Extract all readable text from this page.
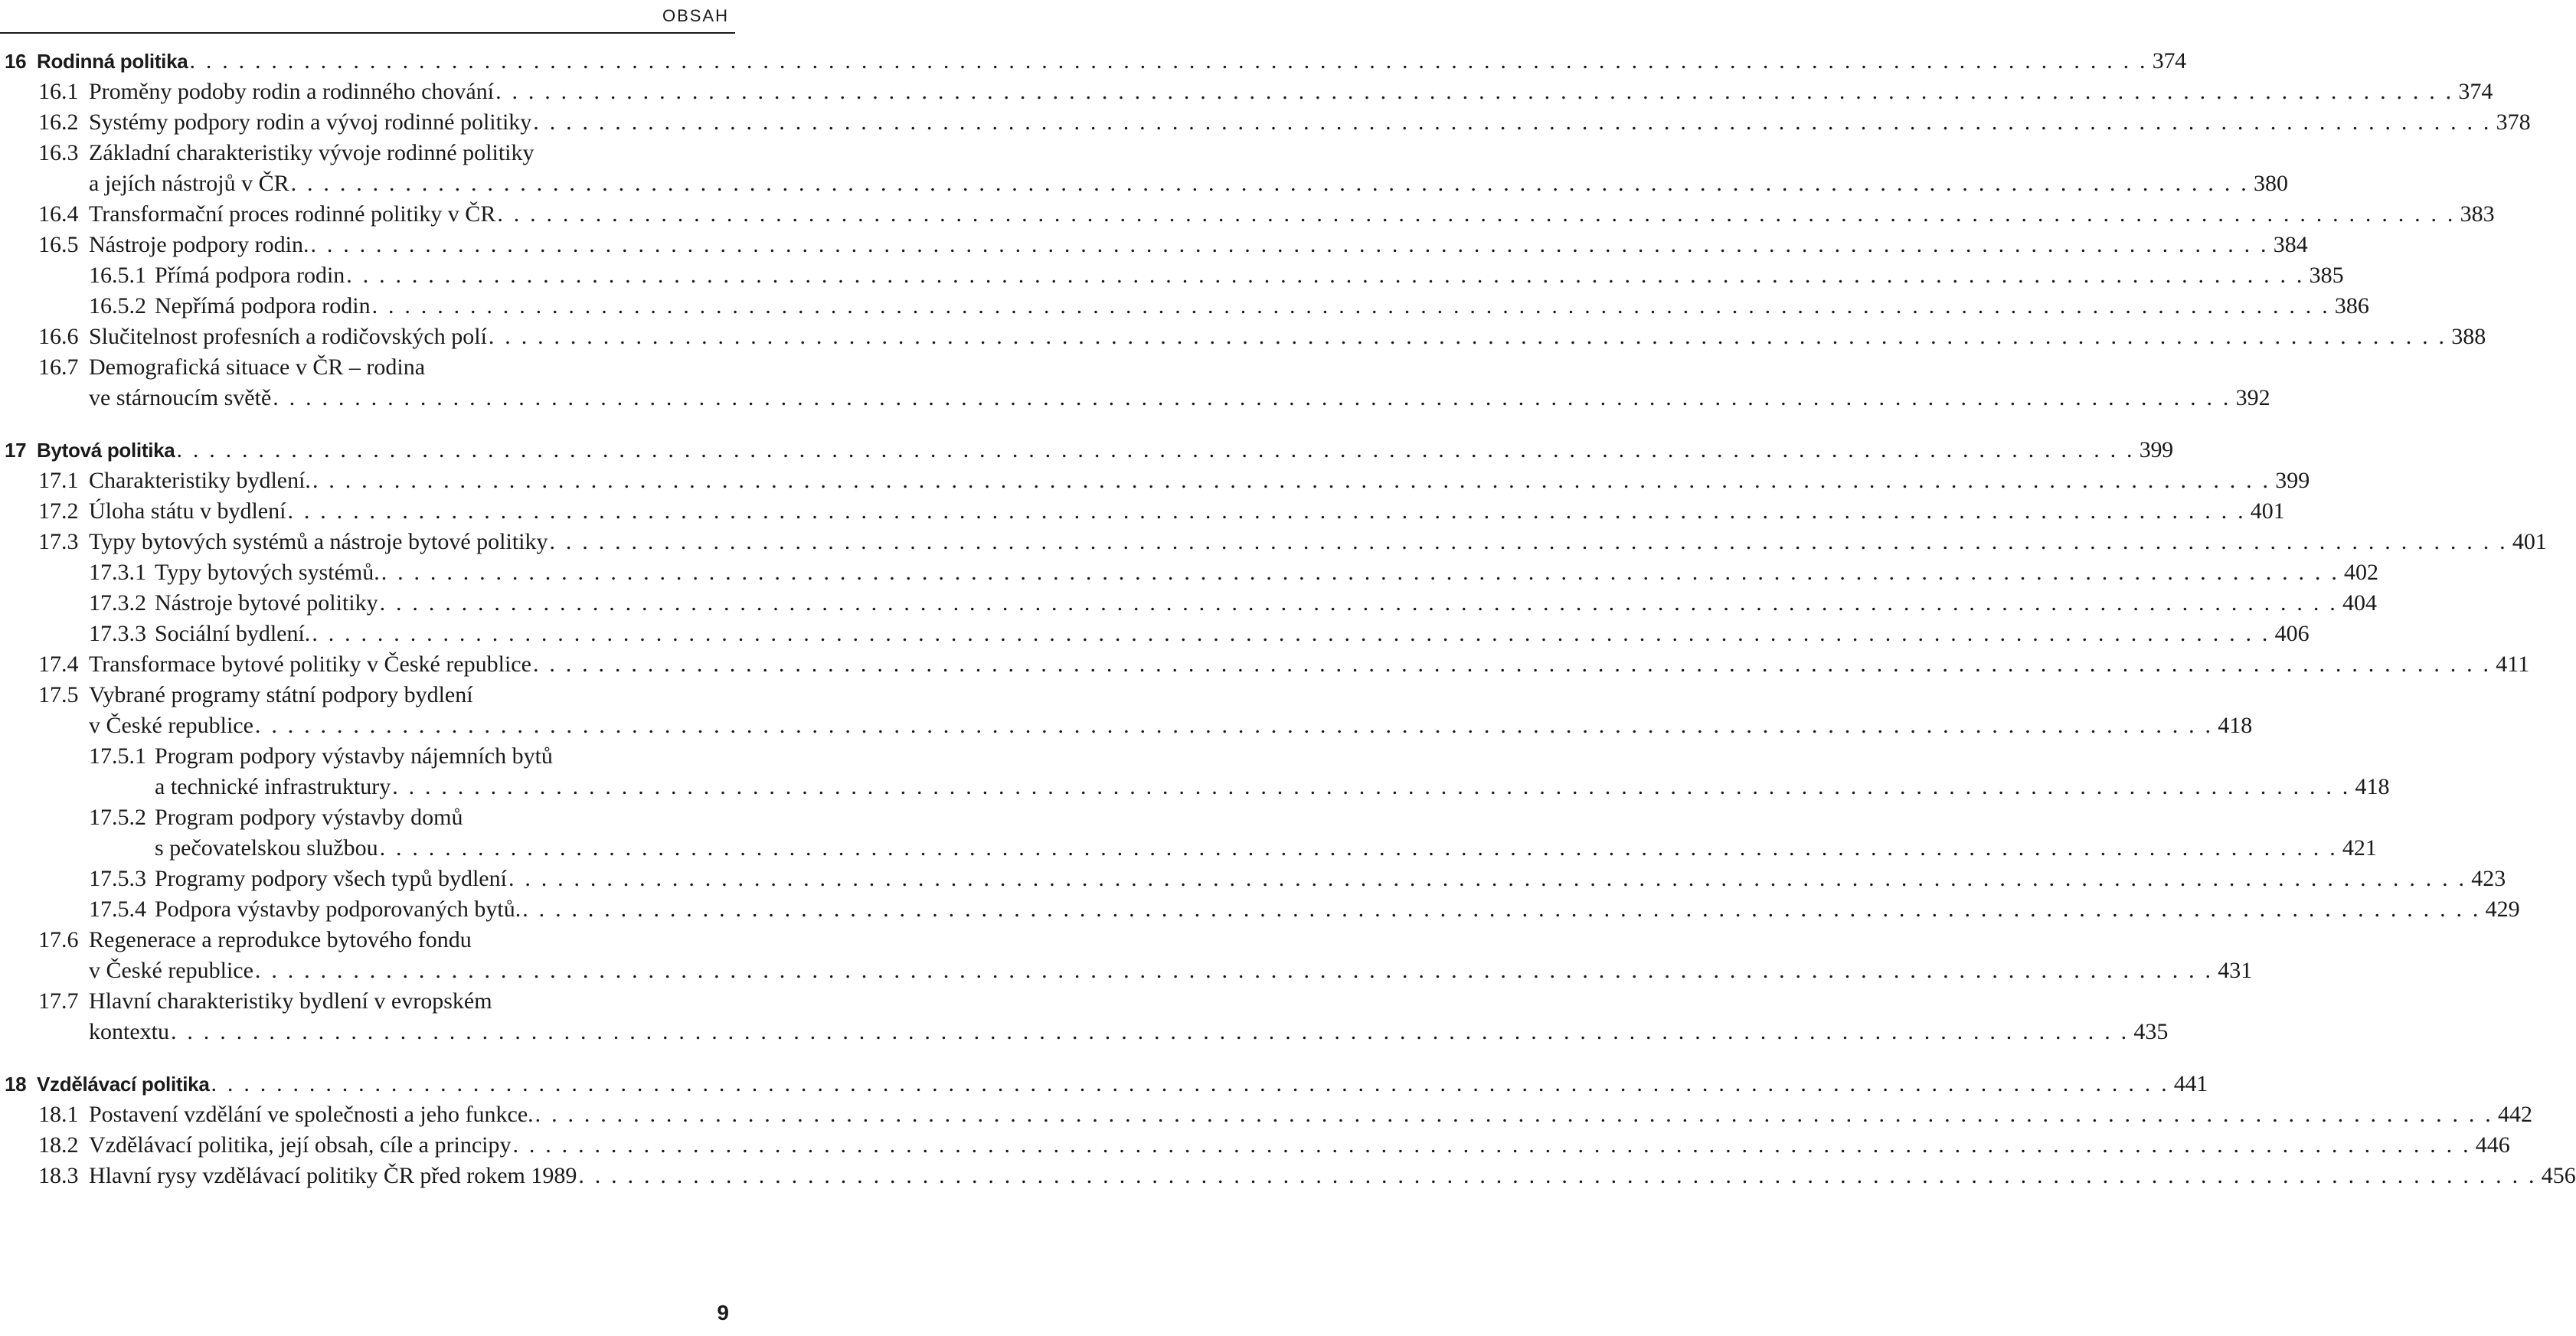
OBSAH
16 Rodinná politika . . . . . . . . . . . . . . . . . . . . . . . . . . . . . . . . . . . . . . . . . . . . . . . . . . . . . . . . . . . . . . . . . . . . . . . . . . . . . . . . . . . . . . . . . . . . . . . . . . . . . . . . . . . . . . . . . . . . . . . . 374
16.1 Proměny podoby rodin a rodinného chování . . . . . . . . . . . . . . . . . . . . . . . . . . . . . . . . . . . . . . . . . . . . . . . . . . . . . . . . . . . . . . . . . . . . . . . . . . . . . . . . . . . . . . . . . . . . . . . . . . . . . . . . . . . . . . . . . . . . . . . . 374
16.2 Systémy podpory rodin a vývoj rodinné politiky . . . . . . . . . . . . . . . . . . . . . . . . . . . . . . . . . . . . . . . . . . . . . . . . . . . . . . . . . . . . . . . . . . . . . . . . . . . . . . . . . . . . . . . . . . . . . . . . . . . . . . . . . . . . . . . . . . . . . . . . 378
16.3 Základní charakteristiky vývoje rodinné politiky
a jejích nástrojů v ČR . . . . . . . . . . . . . . . . . . . . . . . . . . . . . . . . . . . . . . . . . . . . . . . . . . . . . . . . . . . . . . . . . . . . . . . . . . . . . . . . . . . . . . . . . . . . . . . . . . . . . . . . . . . . . . . . . . . . . . . . 380
16.4 Transformační proces rodinné politiky v ČR . . . . . . . . . . . . . . . . . . . . . . . . . . . . . . . . . . . . . . . . . . . . . . . . . . . . . . . . . . . . . . . . . . . . . . . . . . . . . . . . . . . . . . . . . . . . . . . . . . . . . . . . . . . . . . . . . . . . . . . . 383
16.5 Nástroje podpory rodin. . . . . . . . . . . . . . . . . . . . . . . . . . . . . . . . . . . . . . . . . . . . . . . . . . . . . . . . . . . . . . . . . . . . . . . . . . . . . . . . . . . . . . . . . . . . . . . . . . . . . . . . . . . . . . . . . . . . . . . . . 384
16.5.1 Přímá podpora rodin . . . . . . . . . . . . . . . . . . . . . . . . . . . . . . . . . . . . . . . . . . . . . . . . . . . . . . . . . . . . . . . . . . . . . . . . . . . . . . . . . . . . . . . . . . . . . . . . . . . . . . . . . . . . . . . . . . . . . . . . 385
16.5.2 Nepřímá podpora rodin . . . . . . . . . . . . . . . . . . . . . . . . . . . . . . . . . . . . . . . . . . . . . . . . . . . . . . . . . . . . . . . . . . . . . . . . . . . . . . . . . . . . . . . . . . . . . . . . . . . . . . . . . . . . . . . . . . . . . . . . 386
16.6 Slučitelnost profesních a rodičovských polí . . . . . . . . . . . . . . . . . . . . . . . . . . . . . . . . . . . . . . . . . . . . . . . . . . . . . . . . . . . . . . . . . . . . . . . . . . . . . . . . . . . . . . . . . . . . . . . . . . . . . . . . . . . . . . . . . . . . . . . . 388
16.7 Demografická situace v ČR – rodina
ve stárnoucím světě . . . . . . . . . . . . . . . . . . . . . . . . . . . . . . . . . . . . . . . . . . . . . . . . . . . . . . . . . . . . . . . . . . . . . . . . . . . . . . . . . . . . . . . . . . . . . . . . . . . . . . . . . . . . . . . . . . . . . . . . 392
17 Bytová politika . . . . . . . . . . . . . . . . . . . . . . . . . . . . . . . . . . . . . . . . . . . . . . . . . . . . . . . . . . . . . . . . . . . . . . . . . . . . . . . . . . . . . . . . . . . . . . . . . . . . . . . . . . . . . . . . . . . . . . . . 399
17.1 Charakteristiky bydlení. . . . . . . . . . . . . . . . . . . . . . . . . . . . . . . . . . . . . . . . . . . . . . . . . . . . . . . . . . . . . . . . . . . . . . . . . . . . . . . . . . . . . . . . . . . . . . . . . . . . . . . . . . . . . . . . . . . . . . . . . 399
17.2 Úloha státu v bydlení . . . . . . . . . . . . . . . . . . . . . . . . . . . . . . . . . . . . . . . . . . . . . . . . . . . . . . . . . . . . . . . . . . . . . . . . . . . . . . . . . . . . . . . . . . . . . . . . . . . . . . . . . . . . . . . . . . . . . . . . 401
17.3 Typy bytových systémů a nástroje bytové politiky . . . . . . . . . . . . . . . . . . . . . . . . . . . . . . . . . . . . . . . . . . . . . . . . . . . . . . . . . . . . . . . . . . . . . . . . . . . . . . . . . . . . . . . . . . . . . . . . . . . . . . . . . . . . . . . . . . . . . . . . 401
17.3.1 Typy bytových systémů. . . . . . . . . . . . . . . . . . . . . . . . . . . . . . . . . . . . . . . . . . . . . . . . . . . . . . . . . . . . . . . . . . . . . . . . . . . . . . . . . . . . . . . . . . . . . . . . . . . . . . . . . . . . . . . . . . . . . . . . . 402
17.3.2 Nástroje bytové politiky . . . . . . . . . . . . . . . . . . . . . . . . . . . . . . . . . . . . . . . . . . . . . . . . . . . . . . . . . . . . . . . . . . . . . . . . . . . . . . . . . . . . . . . . . . . . . . . . . . . . . . . . . . . . . . . . . . . . . . . . 404
17.3.3 Sociální bydlení. . . . . . . . . . . . . . . . . . . . . . . . . . . . . . . . . . . . . . . . . . . . . . . . . . . . . . . . . . . . . . . . . . . . . . . . . . . . . . . . . . . . . . . . . . . . . . . . . . . . . . . . . . . . . . . . . . . . . . . . . 406
17.4 Transformace bytové politiky v České republice . . . . . . . . . . . . . . . . . . . . . . . . . . . . . . . . . . . . . . . . . . . . . . . . . . . . . . . . . . . . . . . . . . . . . . . . . . . . . . . . . . . . . . . . . . . . . . . . . . . . . . . . . . . . . . . . . . . . . . . . 411
17.5 Vybrané programy státní podpory bydlení
v České republice . . . . . . . . . . . . . . . . . . . . . . . . . . . . . . . . . . . . . . . . . . . . . . . . . . . . . . . . . . . . . . . . . . . . . . . . . . . . . . . . . . . . . . . . . . . . . . . . . . . . . . . . . . . . . . . . . . . . . . . . 418
17.5.1 Program podpory výstavby nájemních bytů
a technické infrastruktury . . . . . . . . . . . . . . . . . . . . . . . . . . . . . . . . . . . . . . . . . . . . . . . . . . . . . . . . . . . . . . . . . . . . . . . . . . . . . . . . . . . . . . . . . . . . . . . . . . . . . . . . . . . . . . . . . . . . . . . . 418
17.5.2 Program podpory výstavby domů
s pečovatelskou službou . . . . . . . . . . . . . . . . . . . . . . . . . . . . . . . . . . . . . . . . . . . . . . . . . . . . . . . . . . . . . . . . . . . . . . . . . . . . . . . . . . . . . . . . . . . . . . . . . . . . . . . . . . . . . . . . . . . . . . . . 421
17.5.3 Programy podpory všech typů bydlení . . . . . . . . . . . . . . . . . . . . . . . . . . . . . . . . . . . . . . . . . . . . . . . . . . . . . . . . . . . . . . . . . . . . . . . . . . . . . . . . . . . . . . . . . . . . . . . . . . . . . . . . . . . . . . . . . . . . . . . . 423
17.5.4 Podpora výstavby podporovaných bytů. . . . . . . . . . . . . . . . . . . . . . . . . . . . . . . . . . . . . . . . . . . . . . . . . . . . . . . . . . . . . . . . . . . . . . . . . . . . . . . . . . . . . . . . . . . . . . . . . . . . . . . . . . . . . . . . . . . . . . . . . 429
17.6 Regenerace a reprodukce bytového fondu
v České republice . . . . . . . . . . . . . . . . . . . . . . . . . . . . . . . . . . . . . . . . . . . . . . . . . . . . . . . . . . . . . . . . . . . . . . . . . . . . . . . . . . . . . . . . . . . . . . . . . . . . . . . . . . . . . . . . . . . . . . . . 431
17.7 Hlavní charakteristiky bydlení v evropském
kontextu . . . . . . . . . . . . . . . . . . . . . . . . . . . . . . . . . . . . . . . . . . . . . . . . . . . . . . . . . . . . . . . . . . . . . . . . . . . . . . . . . . . . . . . . . . . . . . . . . . . . . . . . . . . . . . . . . . . . . . . . 435
18 Vzdělávací politika . . . . . . . . . . . . . . . . . . . . . . . . . . . . . . . . . . . . . . . . . . . . . . . . . . . . . . . . . . . . . . . . . . . . . . . . . . . . . . . . . . . . . . . . . . . . . . . . . . . . . . . . . . . . . . . . . . . . . . . . 441
18.1 Postavení vzdělání ve společnosti a jeho funkce. . . . . . . . . . . . . . . . . . . . . . . . . . . . . . . . . . . . . . . . . . . . . . . . . . . . . . . . . . . . . . . . . . . . . . . . . . . . . . . . . . . . . . . . . . . . . . . . . . . . . . . . . . . . . . . . . . . . . . . . . 442
18.2 Vzdělávací politika, její obsah, cíle a principy . . . . . . . . . . . . . . . . . . . . . . . . . . . . . . . . . . . . . . . . . . . . . . . . . . . . . . . . . . . . . . . . . . . . . . . . . . . . . . . . . . . . . . . . . . . . . . . . . . . . . . . . . . . . . . . . . . . . . . . . 446
18.3 Hlavní rysy vzdělávací politiky ČR před rokem 1989 . . . . . . . . . . . . . . . . . . . . . . . . . . . . . . . . . . . . . . . . . . . . . . . . . . . . . . . . . . . . . . . . . . . . . . . . . . . . . . . . . . . . . . . . . . . . . . . . . . . . . . . . . . . . . . . . . . . . . . . . 456
9
